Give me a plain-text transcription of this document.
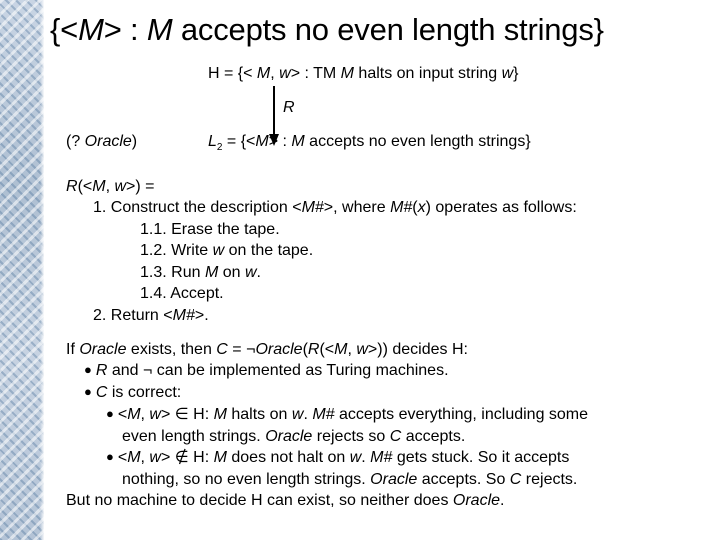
{<M> : M accepts no even length strings}
H = {< M, w> : TM M halts on input string w}
R
(? Oracle)	$L_2 = \{<M>$ : M accepts no even length strings}
R(<M, w>) =
1. Construct the description <M#>, where M#(x) operates as follows:
1.1. Erase the tape.
1.2. Write w on the tape.
1.3. Run M on w.
1.4. Accept.
2. Return <M#>.
If Oracle exists, then C = ¬Oracle(R(<M, w>)) decides H:
● R and ¬ can be implemented as Turing machines.
● C is correct:
● <M, w> ∈ H: M halts on w. M# accepts everything, including some
even length strings. Oracle rejects so C accepts.
● <M, w> ∉ H: M does not halt on w. M# gets stuck. So it accepts
nothing, so no even length strings. Oracle accepts. So C rejects.
But no machine to decide H can exist, so neither does Oracle.
